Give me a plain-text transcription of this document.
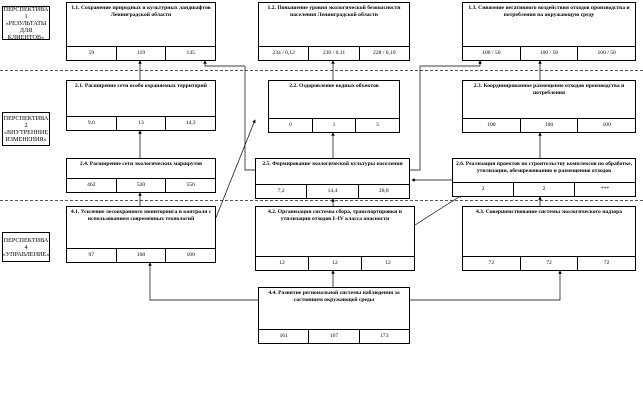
ПЕРСПЕКТИВА 1 «РЕЗУЛЬТАТЫ ДЛЯ КЛИЕНТОВ»
ПЕРСПЕКТИВА 2 «ВНУТРЕННИЕ ИЗМЕНЕНИЯ»
ПЕРСПЕКТИВА 4 «УПРАВЛЕНИЕ»
1.1. Сохранение природных и культурных ландшафтов Ленинградской области
59	119	145
1.2. Повышение уровня экологической безопасности населения Ленинградской области
234 / 0,12	230 / 0,11	228 / 0,10
1.3. Снижение негативного воздействия отходов производства и потребления на окружающую среду
100 / 50	100 / 50	100 / 50
2.1. Расширение сети особо охраняемых территорий
9,0	13	14,3
2.2. Оздоровление водных объектов
0	1	5
2.3. Координированное размещение отходов производства и потребления
100	100	100
2.4. Расширение сети экологических маршрутов
462	520	556
2.5. Формирование экологической культуры населения
7,2	14,4	28,8
2.6. Реализация проектов по строительству комплексов по обработке, утилизации, обезвреживанию и размещению отходов
2	2	***
4.1. Усиление лесоохранного мониторинга и контроля с использованием современных технологий
97	100	100
4.2. Организация системы сбора, транспортировки и утилизации отходов I–IV класса опасности
12	12	12
4.3. Совершенствование системы экологического надзора
72	72	72
4.4. Развитие региональной системы наблюдения за состоянием окружающей среды
161	167	173
